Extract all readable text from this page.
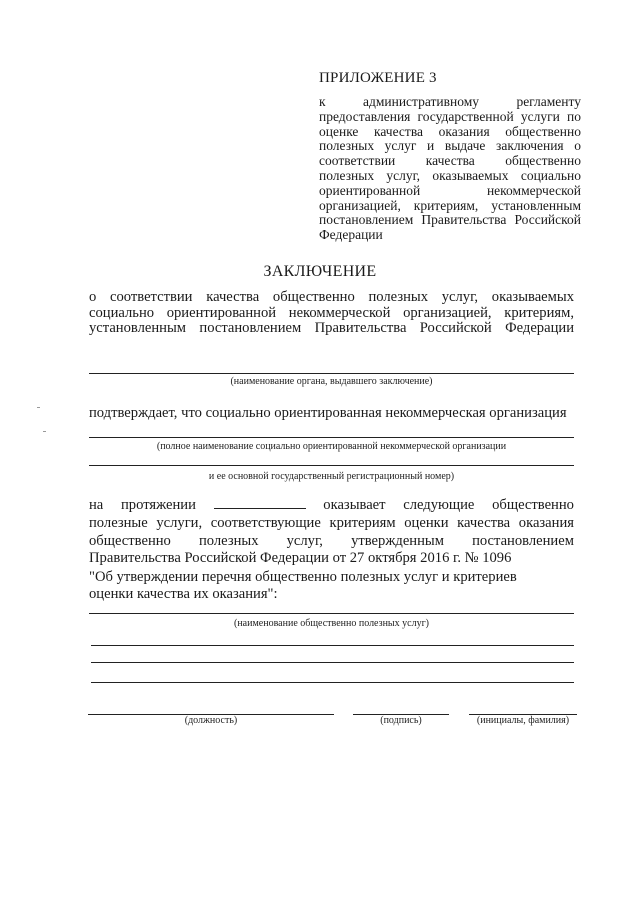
ПРИЛОЖЕНИЕ 3
к административному регламенту предоставления государственной услуги по оценке качества оказания общественно полезных услуг и выдаче заключения о соответствии качества общественно полезных услуг, оказываемых социально ориентированной некоммерческой организацией, критериям, установленным постановлением Правительства Российской Федерации
ЗАКЛЮЧЕНИЕ
о соответствии качества общественно полезных услуг, оказываемых социально ориентированной некоммерческой организацией, критериям, установленным постановлением Правительства Российской Федерации
(наименование органа, выдавшего заключение)
подтверждает, что социально ориентированная некоммерческая организация
(полное наименование социально ориентированной некоммерческой организации
и ее основной государственный регистрационный номер)
на протяжении	оказывает следующие общественно
полезные услуги, соответствующие критериям оценки качества оказания
общественно полезных услуг, утвержденным постановлением
Правительства Российской Федерации от 27 октября 2016 г. № 1096
"Об утверждении перечня общественно полезных услуг и критериев
оценки качества их оказания":
(наименование общественно полезных услуг)
(должность)	(подпись)	(инициалы, фамилия)
